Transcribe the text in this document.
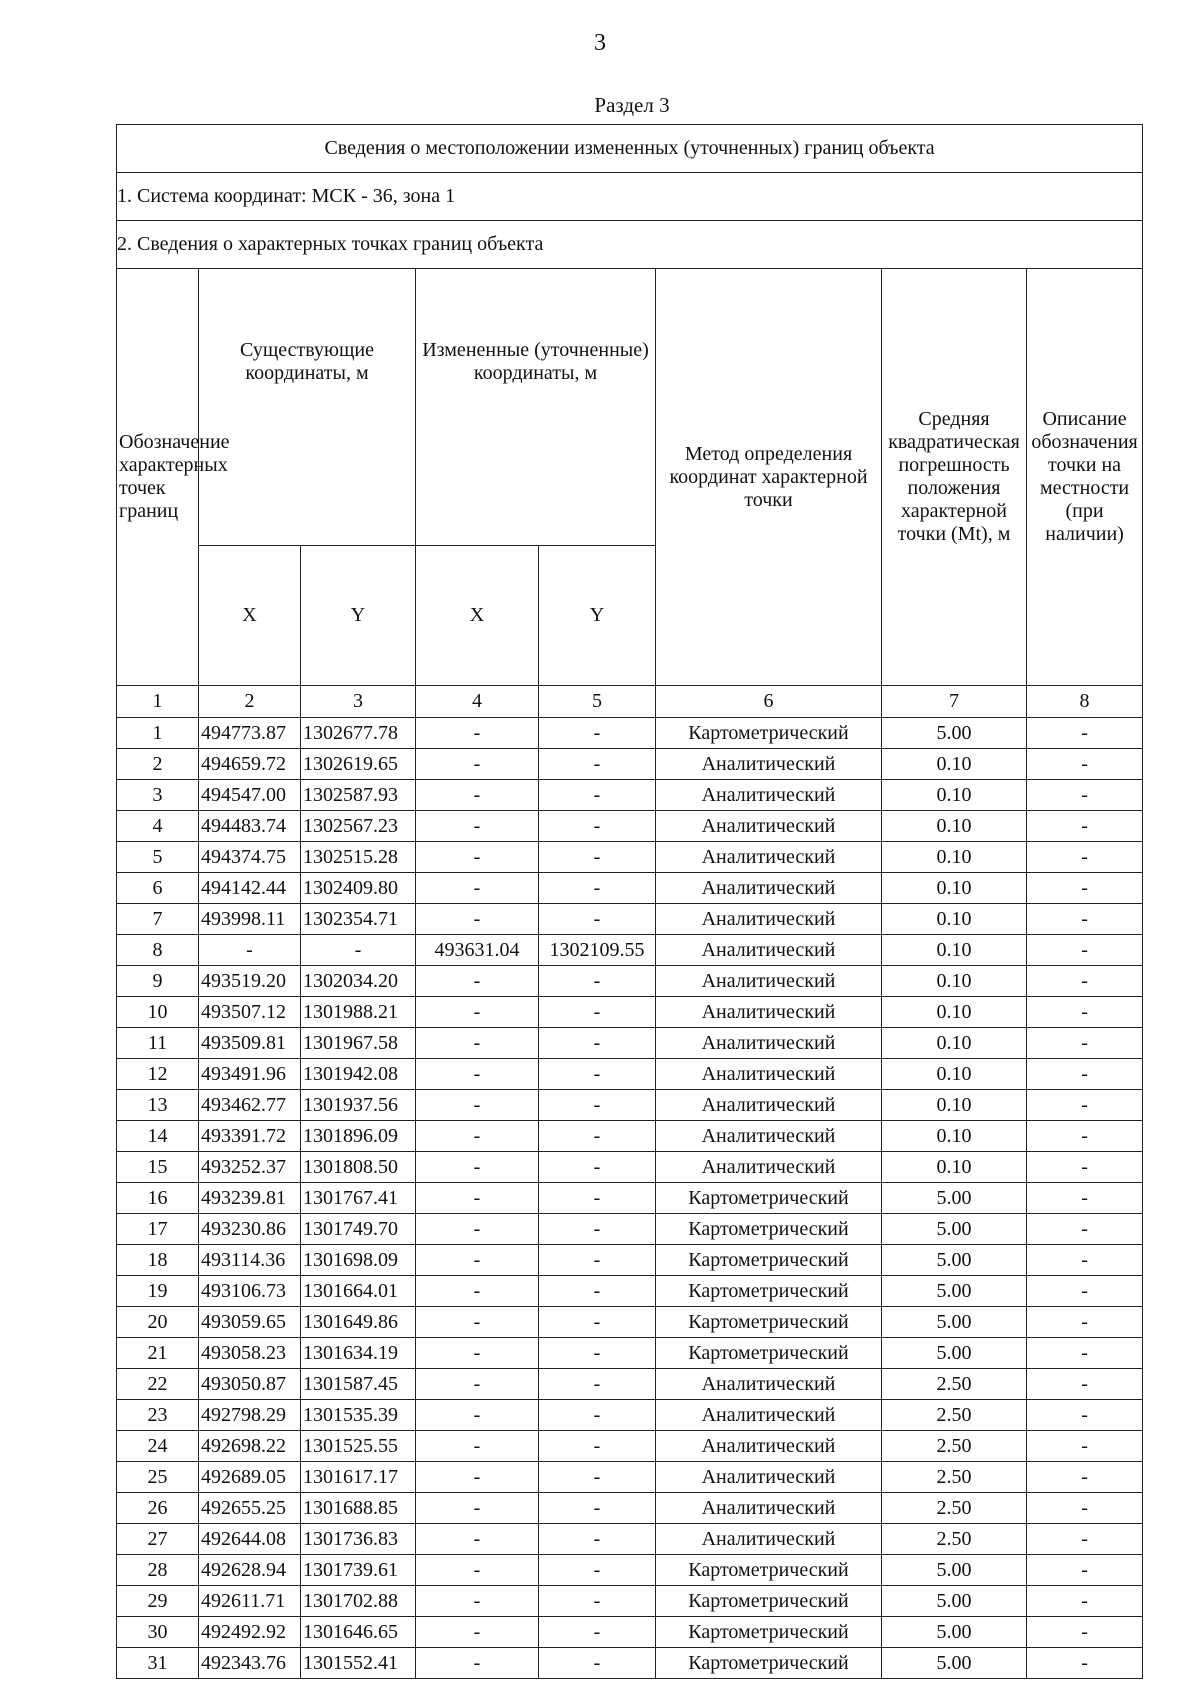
3
Раздел 3
Сведения о местоположении измененных (уточненных) границ объекта							
1. Система координат: МСК - 36, зона 1							
2. Сведения о характерных точках границ объекта							
Обозначение характерных точек границ	Существующие координаты, м		Измененные (уточненные) координаты, м		Метод определения координат характерной точки	Средняя квадратическая погрешность положения характерной точки (Mt), м	Описание обозначения точки на местности (при наличии)
	X	Y	X	Y			
1	2	3	4	5	6	7	8
1	494773.87	1302677.78	-	-	Картометрический	5.00	-
2	494659.72	1302619.65	-	-	Аналитический	0.10	-
3	494547.00	1302587.93	-	-	Аналитический	0.10	-
4	494483.74	1302567.23	-	-	Аналитический	0.10	-
5	494374.75	1302515.28	-	-	Аналитический	0.10	-
6	494142.44	1302409.80	-	-	Аналитический	0.10	-
7	493998.11	1302354.71	-	-	Аналитический	0.10	-
8	-	-	493631.04	1302109.55	Аналитический	0.10	-
9	493519.20	1302034.20	-	-	Аналитический	0.10	-
10	493507.12	1301988.21	-	-	Аналитический	0.10	-
11	493509.81	1301967.58	-	-	Аналитический	0.10	-
12	493491.96	1301942.08	-	-	Аналитический	0.10	-
13	493462.77	1301937.56	-	-	Аналитический	0.10	-
14	493391.72	1301896.09	-	-	Аналитический	0.10	-
15	493252.37	1301808.50	-	-	Аналитический	0.10	-
16	493239.81	1301767.41	-	-	Картометрический	5.00	-
17	493230.86	1301749.70	-	-	Картометрический	5.00	-
18	493114.36	1301698.09	-	-	Картометрический	5.00	-
19	493106.73	1301664.01	-	-	Картометрический	5.00	-
20	493059.65	1301649.86	-	-	Картометрический	5.00	-
21	493058.23	1301634.19	-	-	Картометрический	5.00	-
22	493050.87	1301587.45	-	-	Аналитический	2.50	-
23	492798.29	1301535.39	-	-	Аналитический	2.50	-
24	492698.22	1301525.55	-	-	Аналитический	2.50	-
25	492689.05	1301617.17	-	-	Аналитический	2.50	-
26	492655.25	1301688.85	-	-	Аналитический	2.50	-
27	492644.08	1301736.83	-	-	Аналитический	2.50	-
28	492628.94	1301739.61	-	-	Картометрический	5.00	-
29	492611.71	1301702.88	-	-	Картометрический	5.00	-
30	492492.92	1301646.65	-	-	Картометрический	5.00	-
31	492343.76	1301552.41	-	-	Картометрический	5.00	-
